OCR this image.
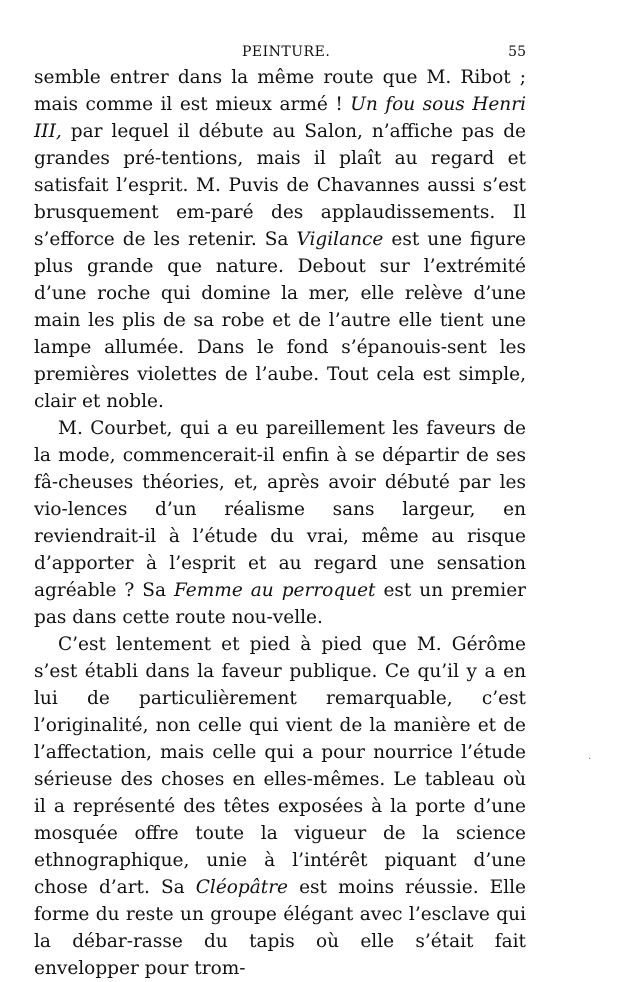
PEINTURE.	55

semble entrer dans la même route que M. Ribot ; mais comme il est mieux armé ! Un fou sous Henri III, par lequel il débute au Salon, n’affiche pas de grandes pré-tentions, mais il plaît au regard et satisfait l’esprit. M. Puvis de Chavannes aussi s’est brusquement em-paré des applaudissements. Il s’efforce de les retenir. Sa Vigilance est une figure plus grande que nature. Debout sur l’extrémité d’une roche qui domine la mer, elle relève d’une main les plis de sa robe et de l’autre elle tient une lampe allumée. Dans le fond s’épanouis-sent les premières violettes de l’aube. Tout cela est simple, clair et noble.

M. Courbet, qui a eu pareillement les faveurs de la mode, commencerait-il enfin à se départir de ses fâ-cheuses théories, et, après avoir débuté par les vio-lences d’un réalisme sans largeur, en reviendrait-il à l’étude du vrai, même au risque d’apporter à l’esprit et au regard une sensation agréable ? Sa Femme au perroquet est un premier pas dans cette route nou-velle.

C’est lentement et pied à pied que M. Gérôme s’est établi dans la faveur publique. Ce qu’il y a en lui de particulièrement remarquable, c’est l’originalité, non celle qui vient de la manière et de l’affectation, mais celle qui a pour nourrice l’étude sérieuse des choses en elles-mêmes. Le tableau où il a représenté des têtes exposées à la porte d’une mosquée offre toute la vigueur de la science ethnographique, unie à l’intérêt piquant d’une chose d’art. Sa Cléopâtre est moins réussie. Elle forme du reste un groupe élégant avec l’esclave qui la débar-rasse du tapis où elle s’était fait envelopper pour trom-

·
